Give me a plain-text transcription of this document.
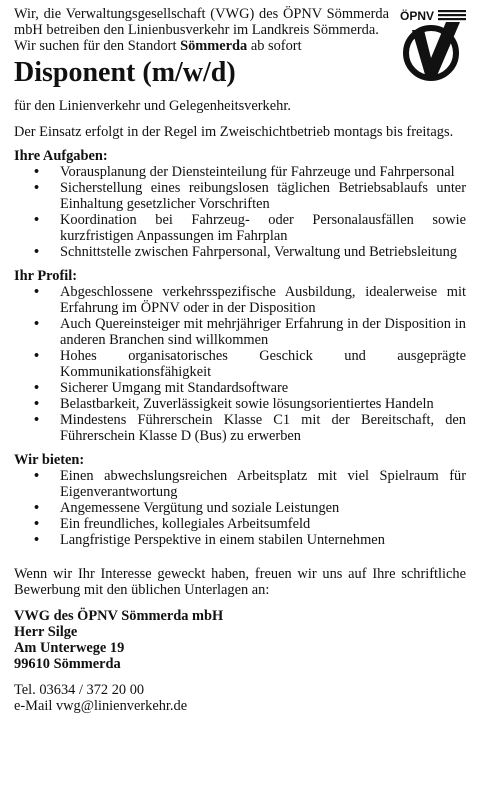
ÖPNV

Wir, die Verwaltungsgesellschaft (VWG) des ÖPNV Sömmerda mbH betreiben den Linienbusverkehr im Landkreis Sömmerda.

Wir suchen für den Standort Sömmerda ab sofort

Disponent (m/w/d)

für den Linienverkehr und Gelegenheitsverkehr.

Der Einsatz erfolgt in der Regel im Zweischichtbetrieb montags bis freitags.

Ihre Aufgaben:

• Vorausplanung der Diensteinteilung für Fahrzeuge und Fahrpersonal
• Sicherstellung eines reibungslosen täglichen Betriebsablaufs unter Einhaltung gesetzlicher Vorschriften
• Koordination bei Fahrzeug- oder Personalausfällen sowie kurzfristigen Anpassungen im Fahrplan
• Schnittstelle zwischen Fahrpersonal, Verwaltung und Betriebsleitung

Ihr Profil:

• Abgeschlossene verkehrsspezifische Ausbildung, idealerweise mit Erfahrung im ÖPNV oder in der Disposition
• Auch Quereinsteiger mit mehrjähriger Erfahrung in der Disposition in anderen Branchen sind willkommen
• Hohes organisatorisches Geschick und ausgeprägte Kommunikationsfähigkeit
• Sicherer Umgang mit Standardsoftware
• Belastbarkeit, Zuverlässigkeit sowie lösungsorientiertes Handeln
• Mindestens Führerschein Klasse C1 mit der Bereitschaft, den Führerschein Klasse D (Bus) zu erwerben

Wir bieten:

• Einen abwechslungsreichen Arbeitsplatz mit viel Spielraum für Eigenverantwortung
• Angemessene Vergütung und soziale Leistungen
• Ein freundliches, kollegiales Arbeitsumfeld
• Langfristige Perspektive in einem stabilen Unternehmen

Wenn wir Ihr Interesse geweckt haben, freuen wir uns auf Ihre schriftliche Bewerbung mit den üblichen Unterlagen an:

VWG des ÖPNV Sömmerda mbH

Herr Silge

Am Unterwege 19

99610 Sömmerda

Tel. 03634 / 372 20 00

e-Mail vwg@linienverkehr.de
